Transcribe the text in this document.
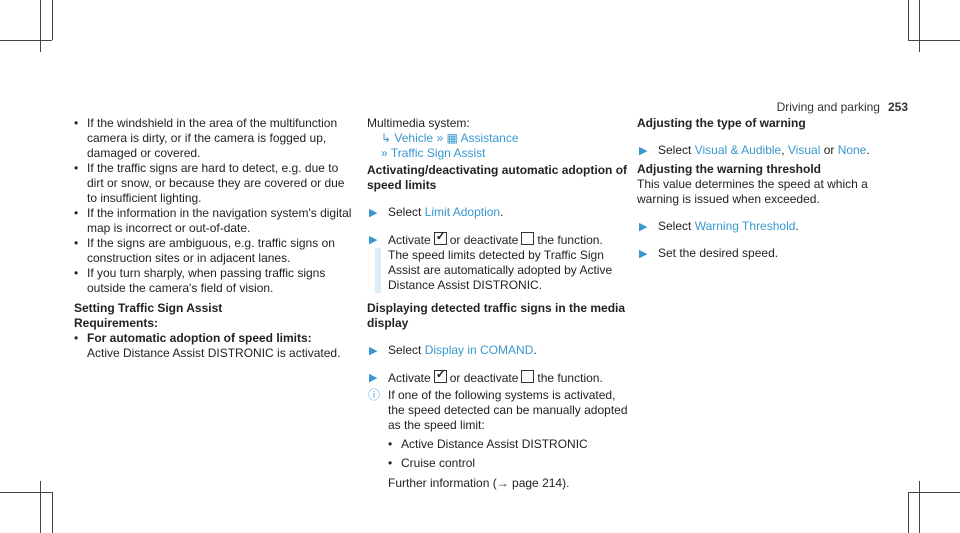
Driving and parking 253
• If the windshield in the area of the multifunction camera is dirty, or if the camera is fogged up, damaged or covered.
• If the traffic signs are hard to detect, e.g. due to dirt or snow, or because they are covered or due to insufficient lighting.
• If the information in the navigation system's digital map is incorrect or out-of-date.
• If the signs are ambiguous, e.g. traffic signs on construction sites or in adjacent lanes.
• If you turn sharply, when passing traffic signs outside the camera's field of vision.
Setting Traffic Sign Assist
Requirements:
• For automatic adoption of speed limits:
Active Distance Assist DISTRONIC is activated.
Multimedia system:
↳ Vehicle » ▦ Assistance
» Traffic Sign Assist
Activating/deactivating automatic adoption of speed limits
▶ Select Limit Adoption.
▶ Activate ✓ or deactivate the function.
The speed limits detected by Traffic Sign Assist are automatically adopted by Active Distance Assist DISTRONIC.
Displaying detected traffic signs in the media display
▶ Select Display in COMAND.
▶ Activate ✓ or deactivate the function.
ⓘ If one of the following systems is activated, the speed detected can be manually adopted as the speed limit:
• Active Distance Assist DISTRONIC
• Cruise control
Further information (→ page 214).
Adjusting the type of warning
▶ Select Visual & Audible, Visual or None.
Adjusting the warning threshold
This value determines the speed at which a warning is issued when exceeded.
▶ Select Warning Threshold.
▶ Set the desired speed.
